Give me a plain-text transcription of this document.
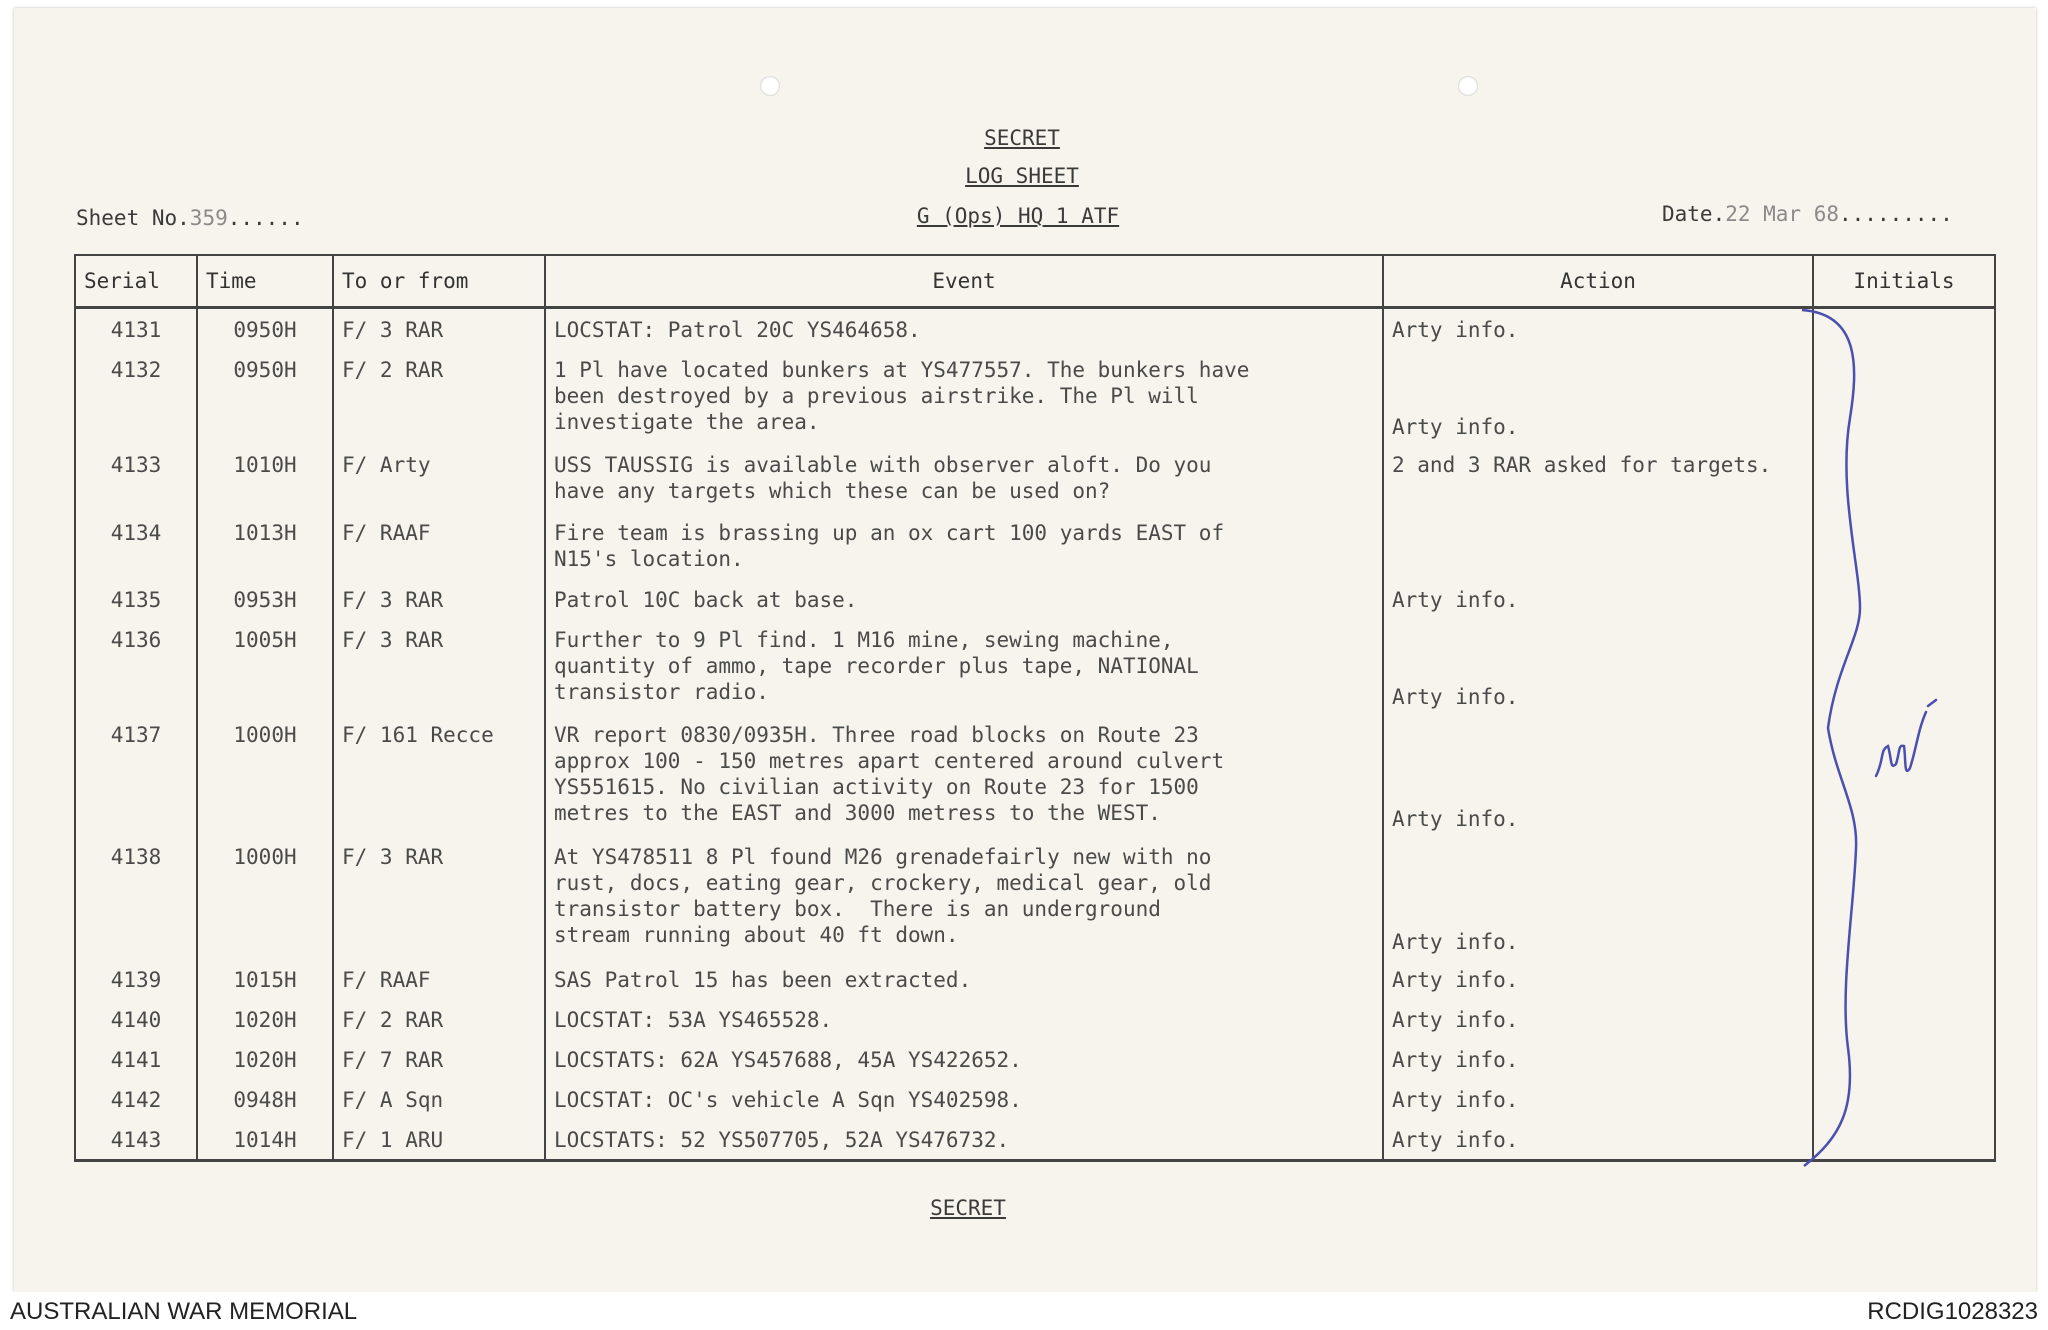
SECRET
LOG SHEET
G (Ops) HQ 1 ATF
Sheet No.359......	Date.22 Mar 68.........
Serial	Time	To or from	Event	Action	Initials
4131	0950H	F/ 3 RAR	LOCSTAT: Patrol 20C YS464658.	Arty info.	
4132	0950H	F/ 2 RAR	1 Pl have located bunkers at YS477557. The bunkers have
been destroyed by a previous airstrike. The Pl will
investigate the area.	Arty info.	
4133	1010H	F/ Arty	USS TAUSSIG is available with observer aloft. Do you
have any targets which these can be used on?	2 and 3 RAR asked for targets.	
4134	1013H	F/ RAAF	Fire team is brassing up an ox cart 100 yards EAST of
N15's location.		
4135	0953H	F/ 3 RAR	Patrol 10C back at base.	Arty info.	
4136	1005H	F/ 3 RAR	Further to 9 Pl find. 1 M16 mine, sewing machine,
quantity of ammo, tape recorder plus tape, NATIONAL
transistor radio.	Arty info.	
4137	1000H	F/ 161 Recce	VR report 0830/0935H. Three road blocks on Route 23
approx 100 - 150 metres apart centered around culvert
YS551615. No civilian activity on Route 23 for 1500
metres to the EAST and 3000 metress to the WEST.	Arty info.	
4138	1000H	F/ 3 RAR	At YS478511 8 Pl found M26 grenadefairly new with no
rust, docs, eating gear, crockery, medical gear, old
transistor battery box.  There is an underground
stream running about 40 ft down.	Arty info.	
4139	1015H	F/ RAAF	SAS Patrol 15 has been extracted.	Arty info.	
4140	1020H	F/ 2 RAR	LOCSTAT: 53A YS465528.	Arty info.	
4141	1020H	F/ 7 RAR	LOCSTATS: 62A YS457688, 45A YS422652.	Arty info.	
4142	0948H	F/ A Sqn	LOCSTAT: OC's vehicle A Sqn YS402598.	Arty info.	
4143	1014H	F/ 1 ARU	LOCSTATS: 52 YS507705, 52A YS476732.	Arty info.	
SECRET
AUSTRALIAN WAR MEMORIAL	RCDIG1028323
